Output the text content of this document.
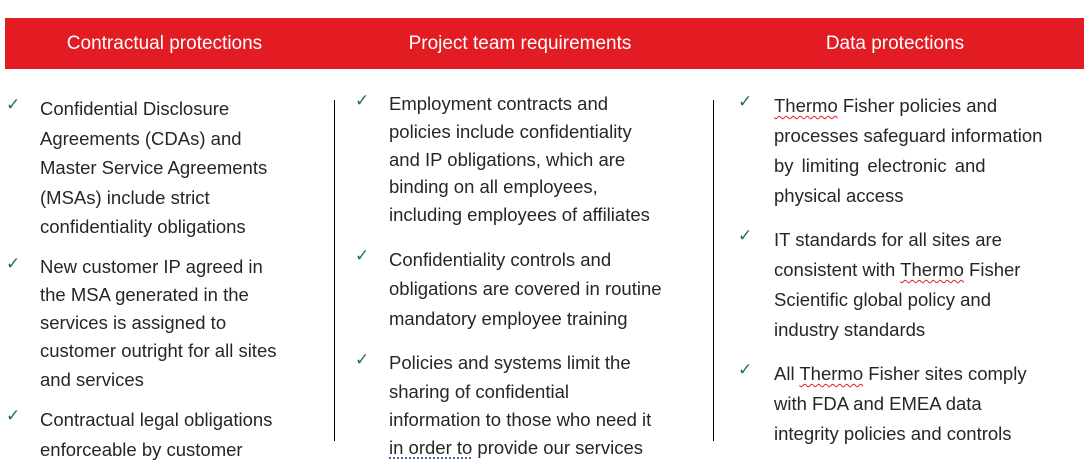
Contractual protections	Project team requirements	Data protections
✓ Confidential Disclosure
Agreements (CDAs) and
Master Service Agreements
(MSAs) include strict
confidentiality obligations
✓ New customer IP agreed in
the MSA generated in the
services is assigned to
customer outright for all sites
and services
✓ Contractual legal obligations
enforceable by customer
✓ Employment contracts and
policies include confidentiality
and IP obligations, which are
binding on all employees,
including employees of affiliates
✓ Confidentiality controls and
obligations are covered in routine
mandatory employee training
✓ Policies and systems limit the
sharing of confidential
information to those who need it
in order to provide our services
✓ Thermo Fisher policies and
processes safeguard information
by limiting electronic and
physical access
✓ IT standards for all sites are
consistent with Thermo Fisher
Scientific global policy and
industry standards
✓ All Thermo Fisher sites comply
with FDA and EMEA data
integrity policies and controls
